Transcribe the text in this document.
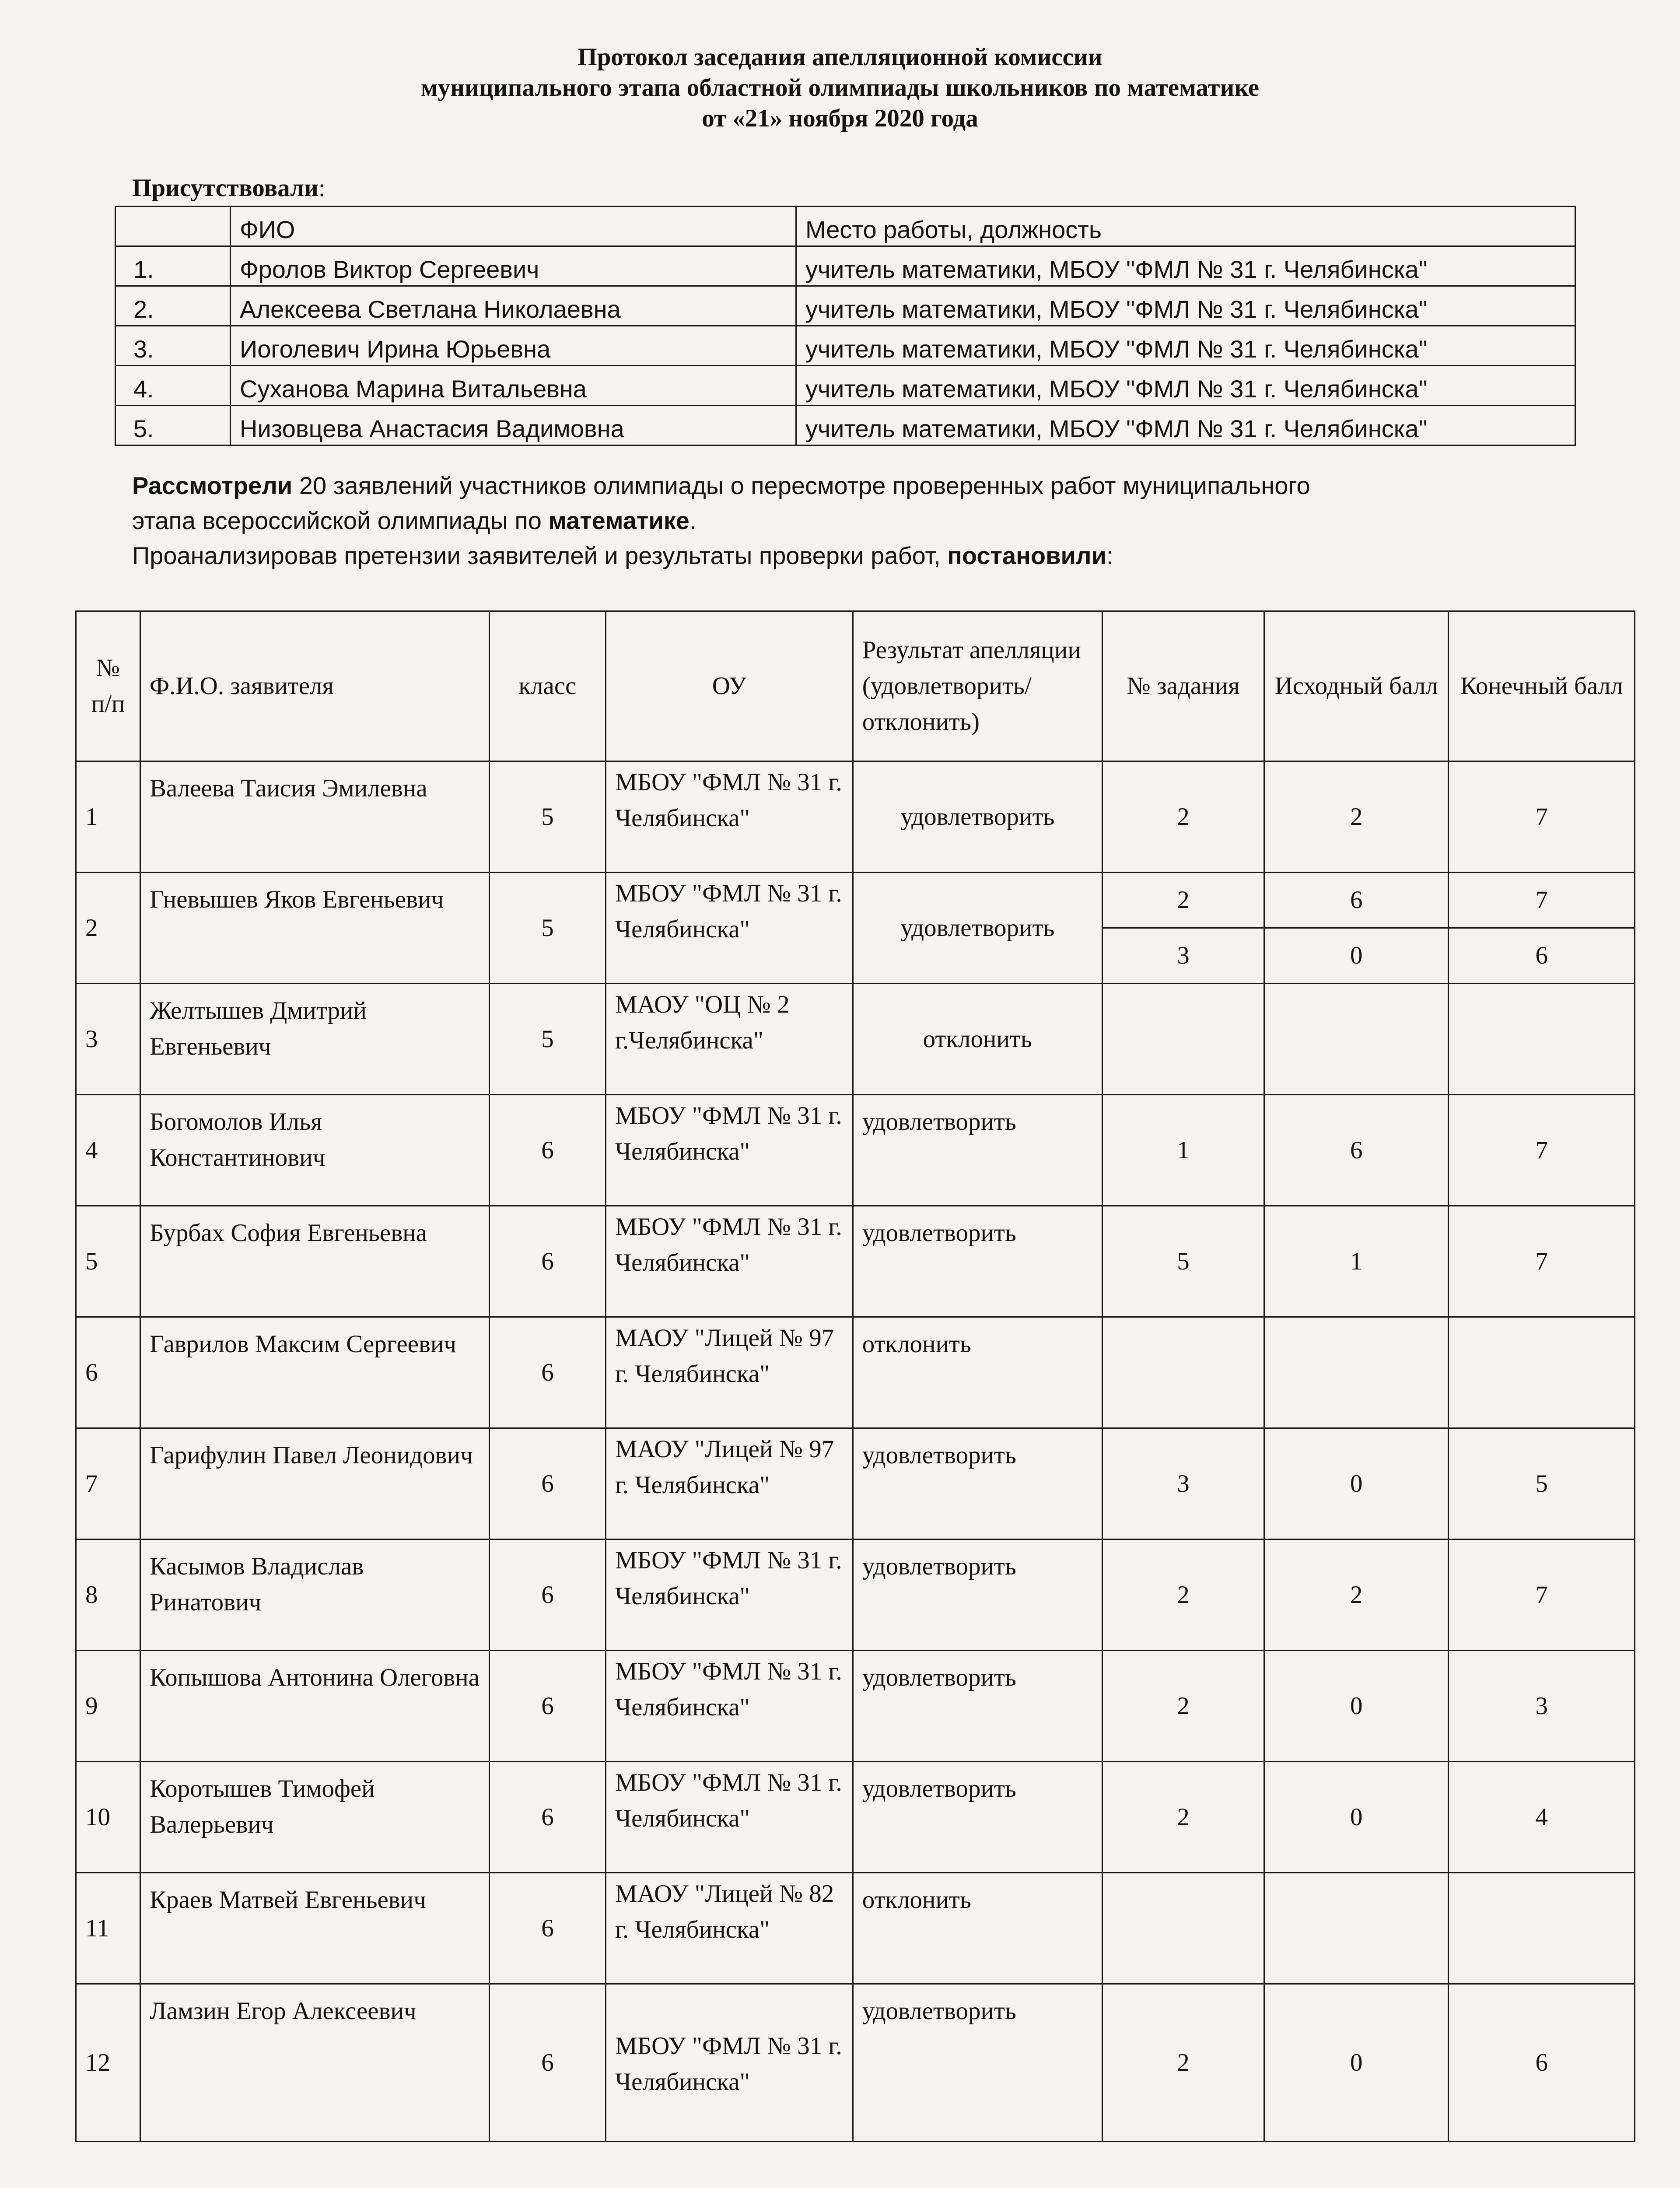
Протокол заседания апелляционной комиссии
муниципального этапа областной олимпиады школьников по математике
от «21» ноября 2020 года
Присутствовали:
	ФИО	Место работы, должность
1.	Фролов Виктор Сергеевич	учитель математики, МБОУ "ФМЛ № 31 г. Челябинска"
2.	Алексеева Светлана Николаевна	учитель математики, МБОУ "ФМЛ № 31 г. Челябинска"
3.	Иоголевич Ирина Юрьевна	учитель математики, МБОУ "ФМЛ № 31 г. Челябинска"
4.	Суханова Марина Витальевна	учитель математики, МБОУ "ФМЛ № 31 г. Челябинска"
5.	Низовцева Анастасия Вадимовна	учитель математики, МБОУ "ФМЛ № 31 г. Челябинска"
Рассмотрели 20 заявлений участников олимпиады о пересмотре проверенных работ муниципального
этапа всероссийской олимпиады по математике.
Проанализировав претензии заявителей и результаты проверки работ, постановили:
№ п/п	Ф.И.О. заявителя	класс	ОУ	Результат апелляции (удовлетворить/ отклонить)	№ задания	Исходный балл	Конечный балл
1	Валеева Таисия Эмилевна	5	МБОУ "ФМЛ № 31 г. Челябинска"	удовлетворить	2	2	7
2	Гневышев Яков Евгеньевич	5	МБОУ "ФМЛ № 31 г. Челябинска"	удовлетворить	2	6	7
					3	0	6
3	Желтышев Дмитрий Евгеньевич	5	МАОУ "ОЦ № 2 г.Челябинска"	отклонить			
4	Богомолов Илья Константинович	6	МБОУ "ФМЛ № 31 г. Челябинска"	удовлетворить	1	6	7
5	Бурбах София Евгеньевна	6	МБОУ "ФМЛ № 31 г. Челябинска"	удовлетворить	5	1	7
6	Гаврилов Максим Сергеевич	6	МАОУ "Лицей № 97 г. Челябинска"	отклонить			
7	Гарифулин Павел Леонидович	6	МАОУ "Лицей № 97 г. Челябинска"	удовлетворить	3	0	5
8	Касымов Владислав Ринатович	6	МБОУ "ФМЛ № 31 г. Челябинска"	удовлетворить	2	2	7
9	Копышова Антонина Олеговна	6	МБОУ "ФМЛ № 31 г. Челябинска"	удовлетворить	2	0	3
10	Коротышев Тимофей Валерьевич	6	МБОУ "ФМЛ № 31 г. Челябинска"	удовлетворить	2	0	4
11	Краев Матвей Евгеньевич	6	МАОУ "Лицей № 82 г. Челябинска"	отклонить			
12	Ламзин Егор Алексеевич	6	МБОУ "ФМЛ № 31 г. Челябинска"	удовлетворить	2	0	6
